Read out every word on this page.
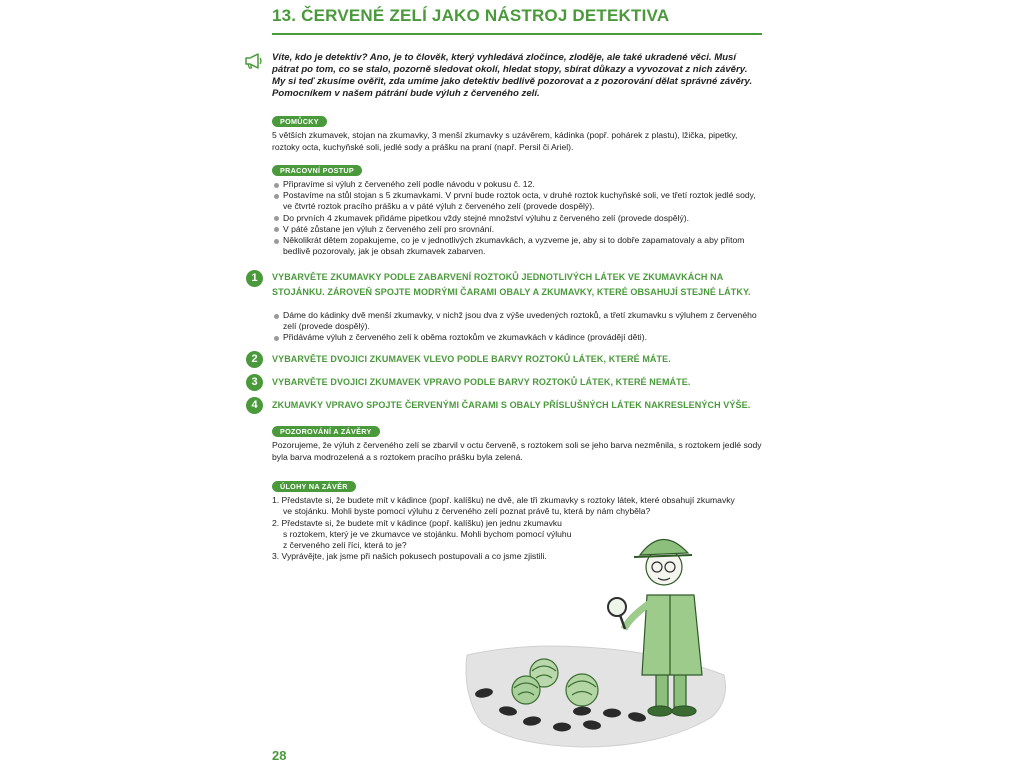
13. ČERVENÉ ZELÍ JAKO NÁSTROJ DETEKTIVA
Víte, kdo je detektiv? Ano, je to člověk, který vyhledává zločince, zloděje, ale také ukradené věci. Musí pátrat po tom, co se stalo, pozorně sledovat okolí, hledat stopy, sbírat důkazy a vyvozovat z nich závěry. My si teď zkusíme ověřit, zda umíme jako detektiv bedlivě pozorovat a z pozorování dělat správné závěry. Pomocníkem v našem pátrání bude výluh z červeného zelí.
POMŮCKY
5 větších zkumavek, stojan na zkumavky, 3 menší zkumavky s uzávěrem, kádinka (popř. pohárek z plastu), lžička, pipetky, roztoky octa, kuchyňské soli, jedlé sody a prášku na praní (např. Persil či Ariel).
PRACOVNÍ POSTUP
Připravíme si výluh z červeného zelí podle návodu v pokusu č. 12.
Postavíme na stůl stojan s 5 zkumavkami. V první bude roztok octa, v druhé roztok kuchyňské soli, ve třetí roztok jedlé sody, ve čtvrté roztok pracího prášku a v páté výluh z červeného zelí (provede dospělý).
Do prvních 4 zkumavek přidáme pipetkou vždy stejné množství výluhu z červeného zelí (provede dospělý).
V páté zůstane jen výluh z červeného zelí pro srovnání.
Několikrát dětem zopakujeme, co je v jednotlivých zkumavkách, a vyzveme je, aby si to dobře zapamatovaly a aby přitom bedlivě pozorovaly, jak je obsah zkumavek zabarven.
1	VYBARVĚTE ZKUMAVKY PODLE ZABARVENÍ ROZTOKŮ JEDNOTLIVÝCH LÁTEK VE ZKUMAVKÁCH NA STOJÁNKU. ZÁROVEŇ SPOJTE MODRÝMI ČARAMI OBALY A ZKUMAVKY, KTERÉ OBSAHUJÍ STEJNÉ LÁTKY.
Dáme do kádinky dvě menší zkumavky, v nichž jsou dva z výše uvedených roztoků, a třetí zkumavku s výluhem z červeného zelí (provede dospělý).
Přidáváme výluh z červeného zelí k oběma roztokům ve zkumavkách v kádince (provádějí děti).
2	VYBARVĚTE DVOJICI ZKUMAVEK VLEVO PODLE BARVY ROZTOKŮ LÁTEK, KTERÉ MÁTE.
3	VYBARVĚTE DVOJICI ZKUMAVEK VPRAVO PODLE BARVY ROZTOKŮ LÁTEK, KTERÉ NEMÁTE.
4	ZKUMAVKY VPRAVO SPOJTE ČERVENÝMI ČARAMI S OBALY PŘÍSLUŠNÝCH LÁTEK NAKRESLENÝCH VÝŠE.
POZOROVÁNÍ A ZÁVĚRY
Pozorujeme, že výluh z červeného zelí se zbarvil v octu červeně, s roztokem soli se jeho barva nezměnila, s roztokem jedlé sody byla barva modrozelená a s roztokem pracího prášku byla zelená.
ÚLOHY NA ZÁVĚR
1. Představte si, že budete mít v kádince (popř. kalíšku) ne dvě, ale tři zkumavky s roztoky látek, které obsahují zkumavky
ve stojánku. Mohli byste pomocí výluhu z červeného zelí poznat právě tu, která by nám chyběla?
2. Představte si, že budete mít v kádince (popř. kalíšku) jen jednu zkumavku
s roztokem, který je ve zkumavce ve stojánku. Mohli bychom pomocí výluhu
z červeného zelí říci, která to je?
3. Vyprávějte, jak jsme při našich pokusech postupovali a co jsme zjistili.
28
